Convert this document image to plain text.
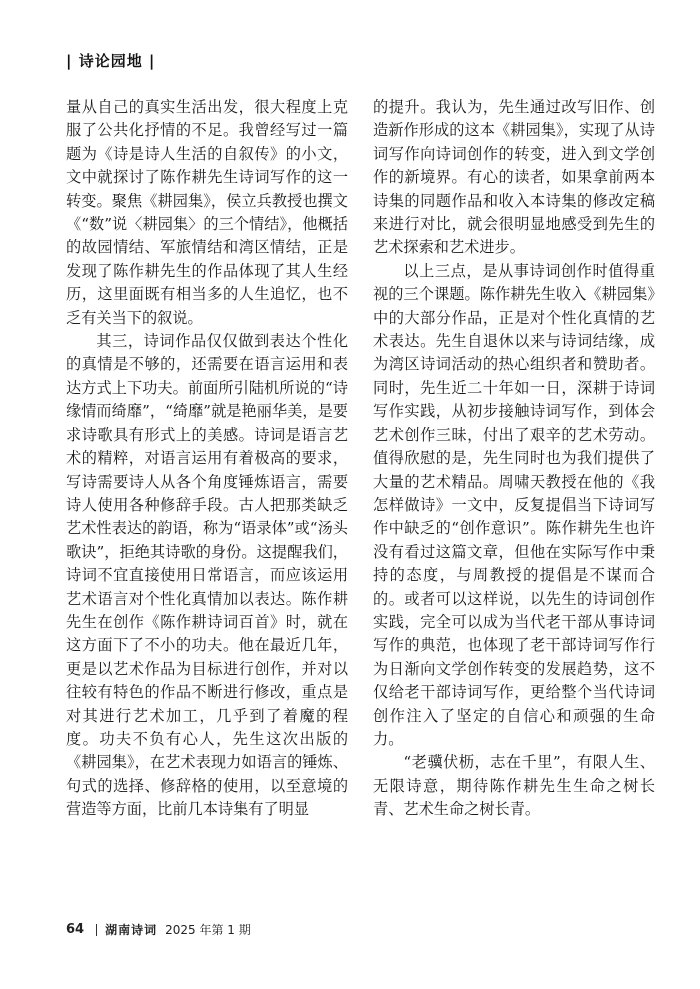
| 诗论园地 |

量从自己的真实生活出发，很大程度上克服了公共化抒情的不足。我曾经写过一篇题为《诗是诗人生活的自叙传》的小文，文中就探讨了陈作耕先生诗词写作的这一转变。聚焦《耕园集》，侯立兵教授也撰文《“数”说〈耕园集〉的三个情结》，他概括的故园情结、军旅情结和湾区情结，正是发现了陈作耕先生的作品体现了其人生经历，这里面既有相当多的人生追忆，也不乏有关当下的叙说。

其三，诗词作品仅仅做到表达个性化的真情是不够的，还需要在语言运用和表达方式上下功夫。前面所引陆机所说的“诗缘情而绮靡”，“绮靡”就是艳丽华美，是要求诗歌具有形式上的美感。诗词是语言艺术的精粹，对语言运用有着极高的要求，写诗需要诗人从各个角度锤炼语言，需要诗人使用各种修辞手段。古人把那类缺乏艺术性表达的韵语，称为“语录体”或“汤头歌诀”，拒绝其诗歌的身份。这提醒我们，诗词不宜直接使用日常语言，而应该运用艺术语言对个性化真情加以表达。陈作耕先生在创作《陈作耕诗词百首》时，就在这方面下了不小的功夫。他在最近几年，更是以艺术作品为目标进行创作，并对以往较有特色的作品不断进行修改，重点是对其进行艺术加工，几乎到了着魔的程度。功夫不负有心人，先生这次出版的《耕园集》，在艺术表现力如语言的锤炼、句式的选择、修辞格的使用，以至意境的营造等方面，比前几本诗集有了明显

的提升。我认为，先生通过改写旧作、创造新作形成的这本《耕园集》，实现了从诗词写作向诗词创作的转变，进入到文学创作的新境界。有心的读者，如果拿前两本诗集的同题作品和收入本诗集的修改定稿来进行对比，就会很明显地感受到先生的艺术探索和艺术进步。

以上三点，是从事诗词创作时值得重视的三个课题。陈作耕先生收入《耕园集》中的大部分作品，正是对个性化真情的艺术表达。先生自退休以来与诗词结缘，成为湾区诗词活动的热心组织者和赞助者。同时，先生近二十年如一日，深耕于诗词写作实践，从初步接触诗词写作，到体会艺术创作三昧，付出了艰辛的艺术劳动。值得欣慰的是，先生同时也为我们提供了大量的艺术精品。周啸天教授在他的《我怎样做诗》一文中，反复提倡当下诗词写作中缺乏的“创作意识”。陈作耕先生也许没有看过这篇文章，但他在实际写作中秉持的态度，与周教授的提倡是不谋而合的。或者可以这样说，以先生的诗词创作实践，完全可以成为当代老干部从事诗词写作的典范，也体现了老干部诗词写作行为日渐向文学创作转变的发展趋势，这不仅给老干部诗词写作，更给整个当代诗词创作注入了坚定的自信心和顽强的生命力。

“老骥伏枥，志在千里”，有限人生、无限诗意，期待陈作耕先生生命之树长青、艺术生命之树长青。

64 湖南诗词 2025 年第 1 期
